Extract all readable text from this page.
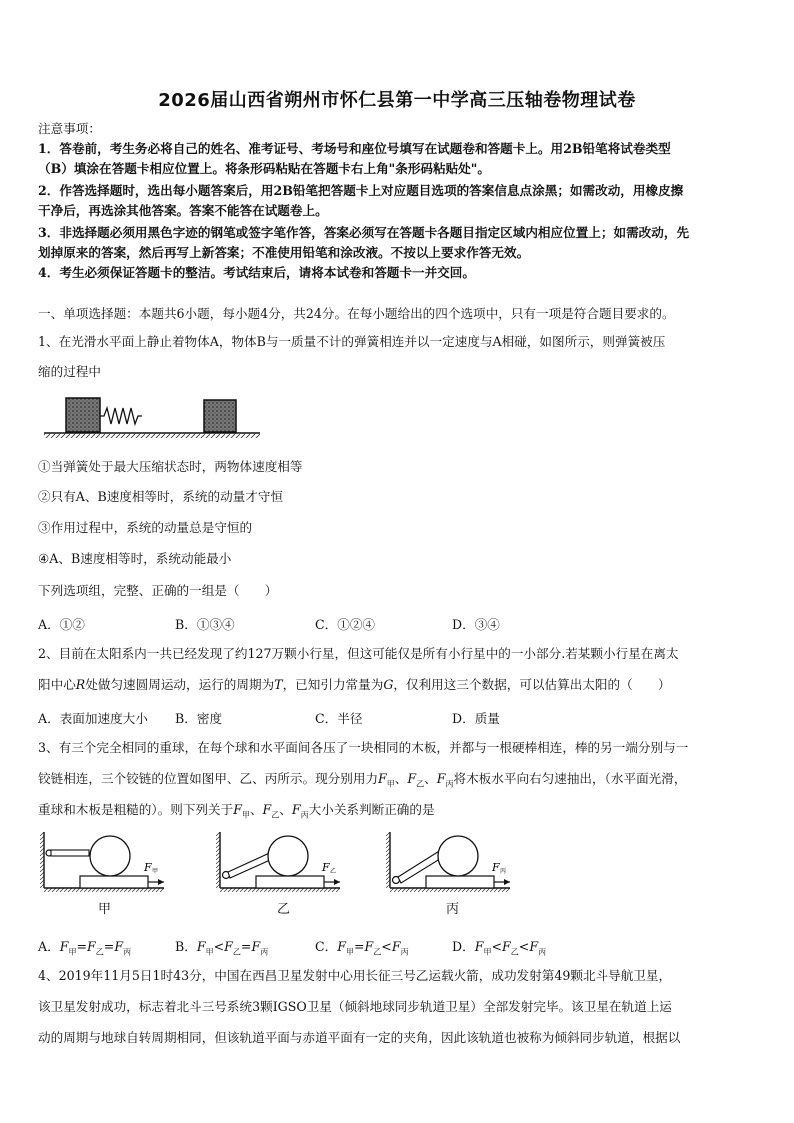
2026届山西省朔州市怀仁县第一中学高三压轴卷物理试卷
注意事项：
1．答卷前，考生务必将自己的姓名、准考证号、考场号和座位号填写在试题卷和答题卡上。用2B铅笔将试卷类型
（B）填涂在答题卡相应位置上。将条形码粘贴在答题卡右上角"条形码粘贴处"。
2．作答选择题时，选出每小题答案后，用2B铅笔把答题卡上对应题目选项的答案信息点涂黑；如需改动，用橡皮擦
干净后，再选涂其他答案。答案不能答在试题卷上。
3．非选择题必须用黑色字迹的钢笔或签字笔作答，答案必须写在答题卡各题目指定区域内相应位置上；如需改动，先
划掉原来的答案，然后再写上新答案；不准使用铅笔和涂改液。不按以上要求作答无效。
4．考生必须保证答题卡的整洁。考试结束后，请将本试卷和答题卡一并交回。
一、单项选择题：本题共6小题，每小题4分，共24分。在每小题给出的四个选项中，只有一项是符合题目要求的。
1、在光滑水平面上静止着物体A，物体B与一质量不计的弹簧相连并以一定速度与A相碰，如图所示，则弹簧被压
缩的过程中
①当弹簧处于最大压缩状态时，两物体速度相等
②只有A、B速度相等时，系统的动量才守恒
③作用过程中，系统的动量总是守恒的
④A、B速度相等时，系统动能最小
下列选项组，完整、正确的一组是（　　）
A．①②	B．①③④	C．①②④	D．③④
2、目前在太阳系内一共已经发现了约127万颗小行星，但这可能仅是所有小行星中的一小部分.若某颗小行星在离太
阳中心R处做匀速圆周运动，运行的周期为T，已知引力常量为G，仅利用这三个数据，可以估算出太阳的（　　）
A．表面加速度大小 B．密度	C．半径	D．质量
3、有三个完全相同的重球，在每个球和水平面间各压了一块相同的木板，并都与一根硬棒相连，棒的另一端分别与一
铰链相连，三个铰链的位置如图甲、乙、丙所示。现分别用力$F_甲$、$F_乙$、$F_丙$将木板水平向右匀速抽出，（水平面光滑，
重球和木板是粗糙的）。则下列关于$F_甲$、$F_乙$、$F_丙$大小关系判断正确的是
F 甲	F 乙	F 丙
甲	乙	丙
A．$F_甲=F_乙=F_丙$	B．$F_甲<F_乙=F_丙$	C．$F_甲=F_乙<F_丙$	D．$F_甲<F_乙<F_丙$
4、2019年11月5日1时43分，中国在西昌卫星发射中心用长征三号乙运载火箭，成功发射第49颗北斗导航卫星，
该卫星发射成功，标志着北斗三号系统3颗IGSO卫星（倾斜地球同步轨道卫星）全部发射完毕。该卫星在轨道上运
动的周期与地球自转周期相同，但该轨道平面与赤道平面有一定的夹角，因此该轨道也被称为倾斜同步轨道，根据以
